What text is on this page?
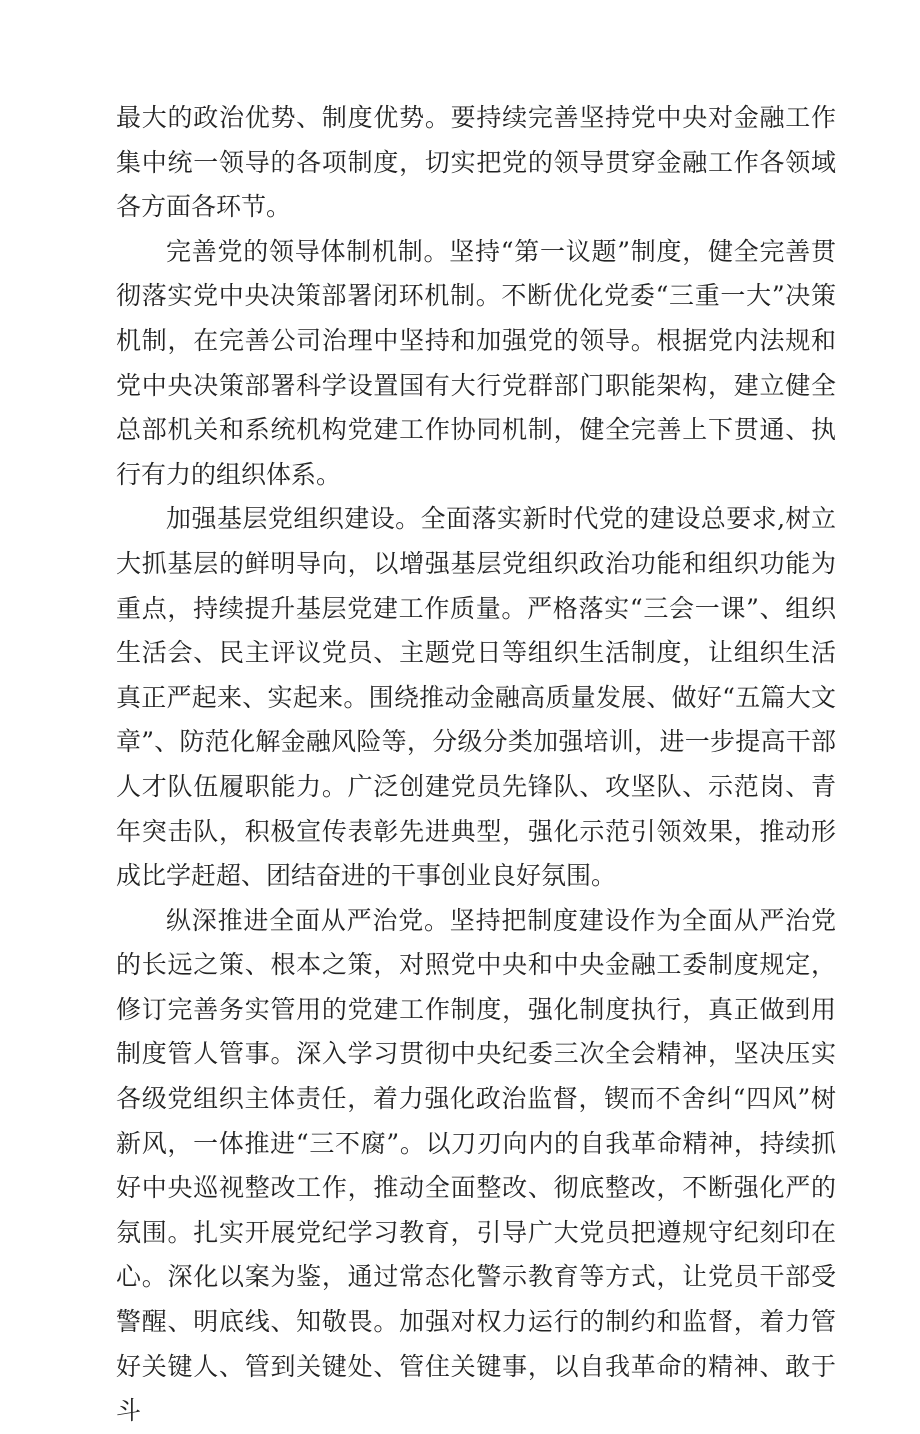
最大的政治优势、制度优势。要持续完善坚持党中央对金融工作集中统一领导的各项制度，切实把党的领导贯穿金融工作各领域各方面各环节。

完善党的领导体制机制。坚持“第一议题”制度，健全完善贯彻落实党中央决策部署闭环机制。不断优化党委“三重一大”决策机制，在完善公司治理中坚持和加强党的领导。根据党内法规和党中央决策部署科学设置国有大行党群部门职能架构，建立健全总部机关和系统机构党建工作协同机制，健全完善上下贯通、执行有力的组织体系。

加强基层党组织建设。全面落实新时代党的建设总要求,树立大抓基层的鲜明导向，以增强基层党组织政治功能和组织功能为重点，持续提升基层党建工作质量。严格落实“三会一课”、组织生活会、民主评议党员、主题党日等组织生活制度，让组织生活真正严起来、实起来。围绕推动金融高质量发展、做好“五篇大文章”、防范化解金融风险等，分级分类加强培训，进一步提高干部人才队伍履职能力。广泛创建党员先锋队、攻坚队、示范岗、青年突击队，积极宣传表彰先进典型，强化示范引领效果，推动形成比学赶超、团结奋进的干事创业良好氛围。

纵深推进全面从严治党。坚持把制度建设作为全面从严治党的长远之策、根本之策，对照党中央和中央金融工委制度规定，修订完善务实管用的党建工作制度，强化制度执行，真正做到用制度管人管事。深入学习贯彻中央纪委三次全会精神，坚决压实各级党组织主体责任，着力强化政治监督，锲而不舍纠“四风”树新风，一体推进“三不腐”。以刀刃向内的自我革命精神，持续抓好中央巡视整改工作，推动全面整改、彻底整改，不断强化严的氛围。扎实开展党纪学习教育，引导广大党员把遵规守纪刻印在心。深化以案为鉴，通过常态化警示教育等方式，让党员干部受警醒、明底线、知敬畏。加强对权力运行的制约和监督，着力管好关键人、管到关键处、管住关键事，以自我革命的精神、敢于斗
